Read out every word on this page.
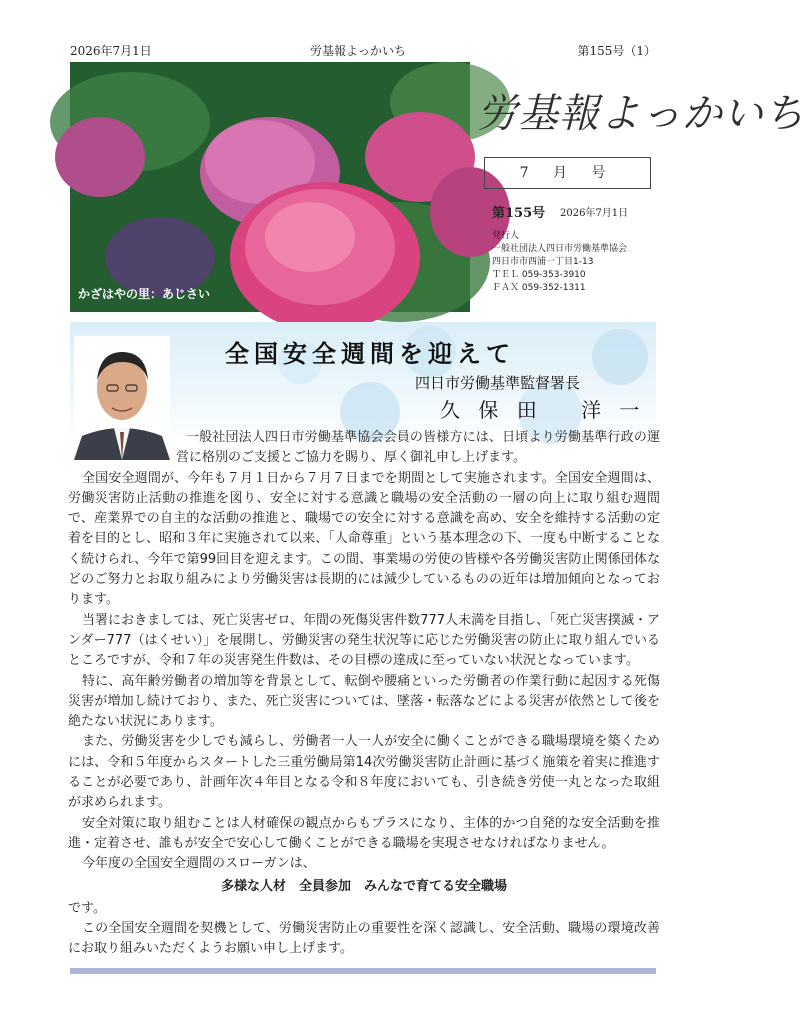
2026年7月1日	労基報よっかいち	第155号（1）
かざはやの里：あじさい
労基報よっかいち
7 月 号
第155号 2026年7月1日
発行人
一般社団法人四日市労働基準協会
四日市市西浦一丁目1-13
ＴＥＬ 059-353-3910
ＦＡＸ 059-352-1311
全国安全週間を迎えて
四日市労働基準監督署長
久 保 田　 洋 一

一般社団法人四日市労働基準協会会員の皆様方には、日頃より労働基準行政の運営に格別のご支援とご協力を賜り、厚く御礼申し上げます。

全国安全週間が、今年も７月１日から７月７日までを期間として実施されます。全国安全週間は、労働災害防止活動の推進を図り、安全に対する意識と職場の安全活動の一層の向上に取り組む週間で、産業界での自主的な活動の推進と、職場での安全に対する意識を高め、安全を維持する活動の定着を目的とし、昭和３年に実施されて以来、「人命尊重」という基本理念の下、一度も中断することなく続けられ、今年で第99回目を迎えます。この間、事業場の労使の皆様や各労働災害防止関係団体などのご努力とお取り組みにより労働災害は長期的には減少しているものの近年は増加傾向となっております。

当署におきましては、死亡災害ゼロ、年間の死傷災害件数777人未満を目指し、「死亡災害撲滅・アンダー777（はくせい）」を展開し、労働災害の発生状況等に応じた労働災害の防止に取り組んでいるところですが、令和７年の災害発生件数は、その目標の達成に至っていない状況となっています。

特に、高年齢労働者の増加等を背景として、転倒や腰痛といった労働者の作業行動に起因する死傷災害が増加し続けており、また、死亡災害については、墜落・転落などによる災害が依然として後を絶たない状況にあります。

また、労働災害を少しでも減らし、労働者一人一人が安全に働くことができる職場環境を築くためには、令和５年度からスタートした三重労働局第14次労働災害防止計画に基づく施策を着実に推進することが必要であり、計画年次４年目となる令和８年度においても、引き続き労使一丸となった取組が求められます。

安全対策に取り組むことは人材確保の観点からもプラスになり、主体的かつ自発的な安全活動を推進・定着させ、誰もが安全で安心して働くことができる職場を実現させなければなりません。

今年度の全国安全週間のスローガンは、

多様な人材　全員参加　みんなで育てる安全職場

です。

この全国安全週間を契機として、労働災害防止の重要性を深く認識し、安全活動、職場の環境改善にお取り組みいただくようお願い申し上げます。
